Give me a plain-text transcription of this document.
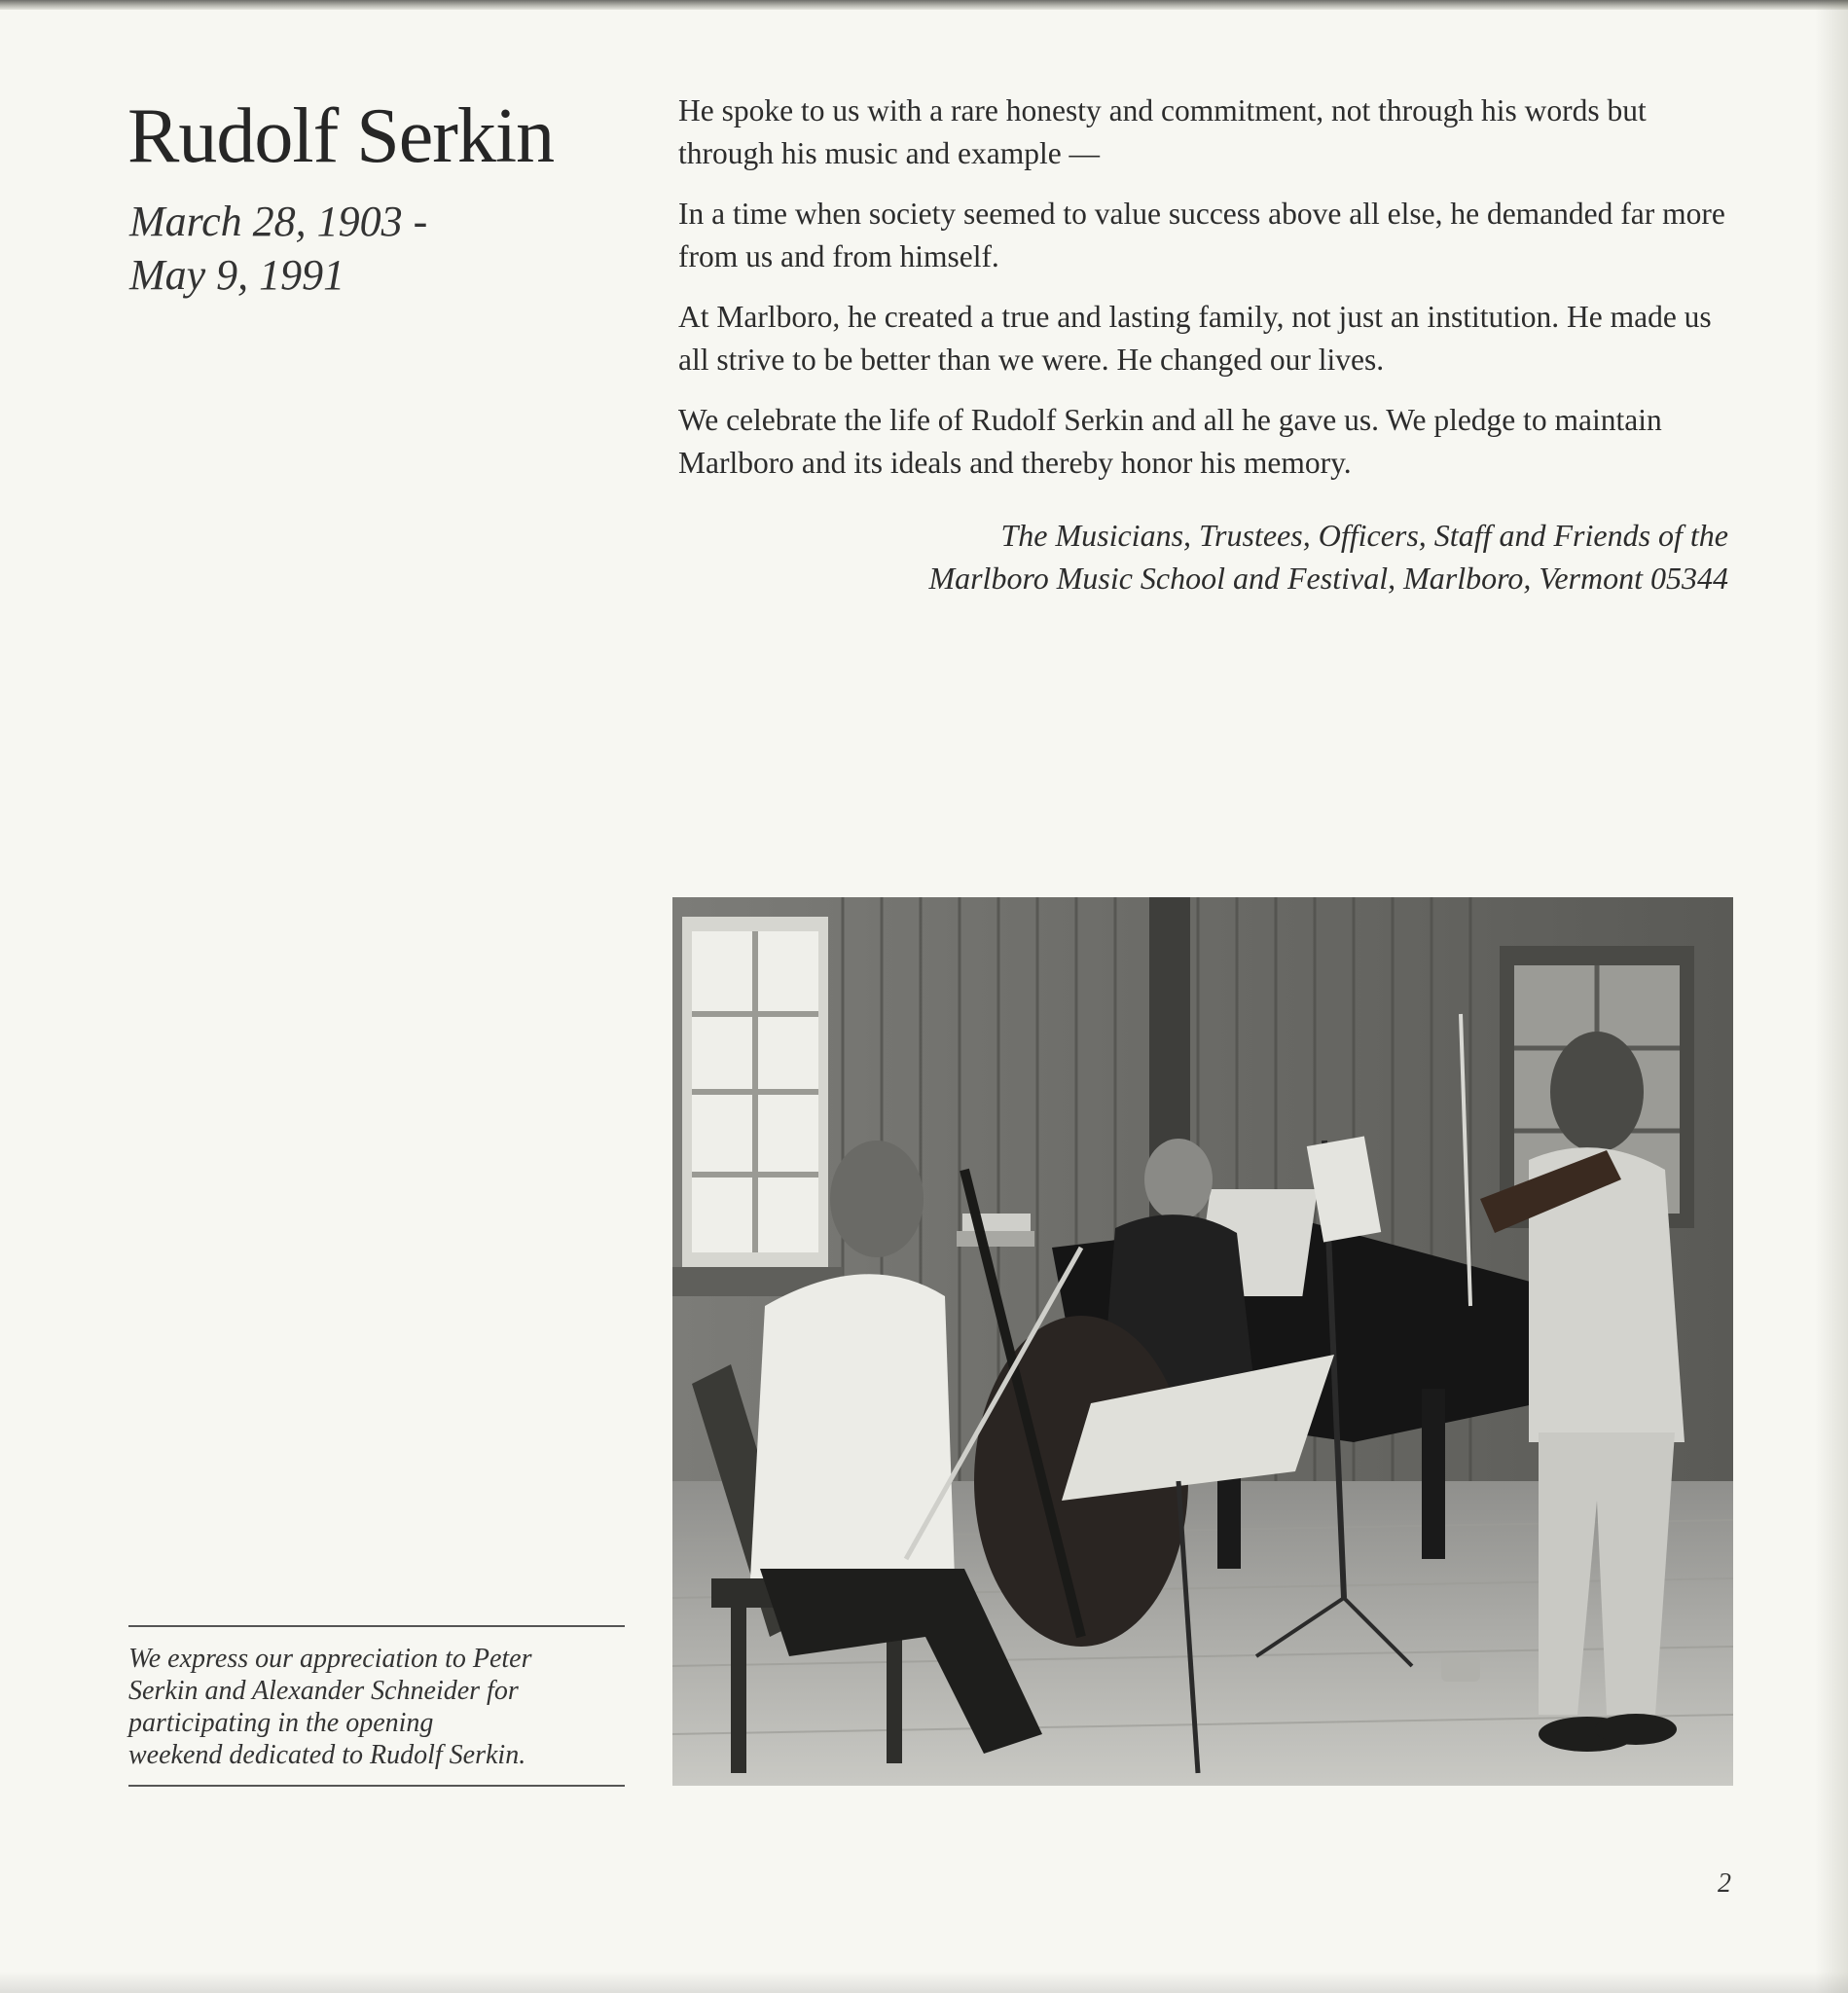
Rudolf Serkin
March 28, 1903 -
May 9, 1991

He spoke to us with a rare honesty and commitment, not through his words but through his music and example —

In a time when society seemed to value success above all else, he demanded far more from us and from himself.

At Marlboro, he created a true and lasting family, not just an institution. He made us all strive to be better than we were. He changed our lives.

We celebrate the life of Rudolf Serkin and all he gave us. We pledge to maintain Marlboro and its ideals and thereby honor his memory.

The Musicians, Trustees, Officers, Staff and Friends of the
Marlboro Music School and Festival, Marlboro, Vermont 05344
We express our appreciation to Peter
Serkin and Alexander Schneider for
participating in the opening
weekend dedicated to Rudolf Serkin.
2
